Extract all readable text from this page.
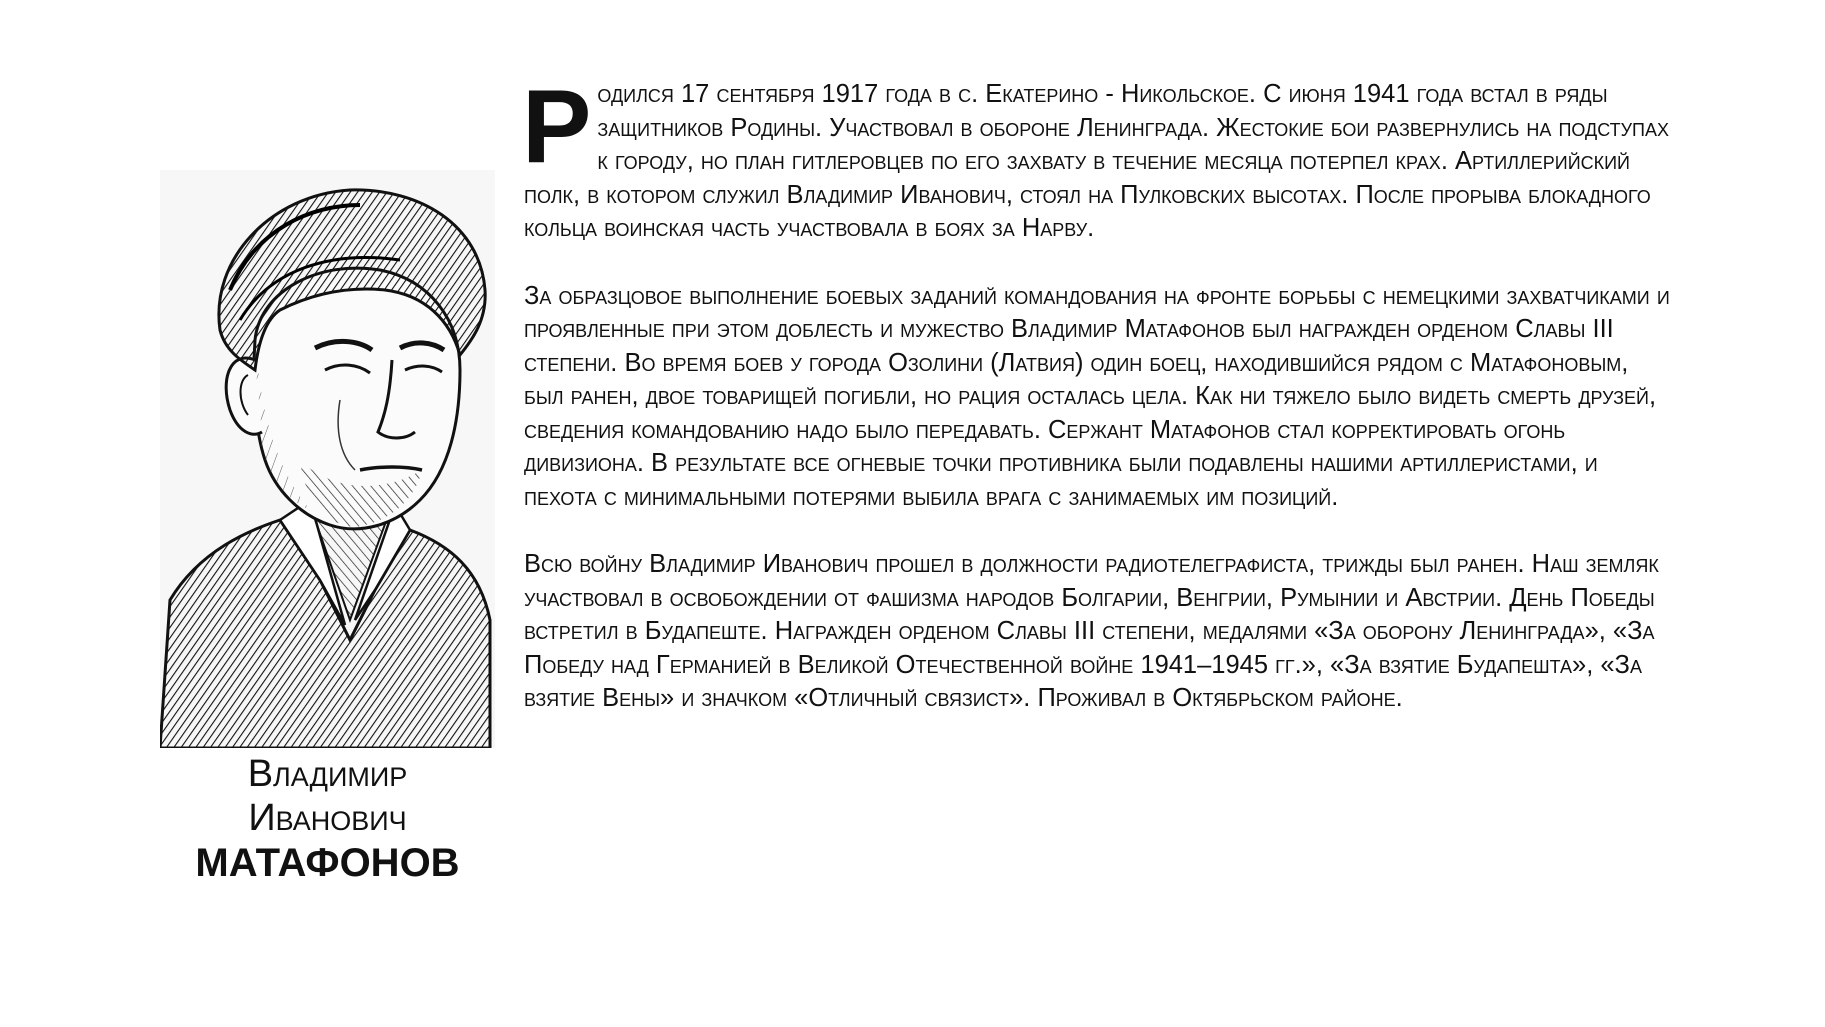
Владимир
Иванович
МАТАФОНОВ

Родился 17 сентября 1917 года в с. Екатерино - Никольское. С июня 1941 года встал в ряды защитников Родины. Участвовал в обороне Ленинграда. Жестокие бои развернулись на подступах к городу, но план гитлеровцев по его захвату в течение месяца потерпел крах. Артиллерийский полк, в котором служил Владимир Иванович, стоял на Пулковских высотах. После прорыва блокадного кольца воинская часть участвовала в боях за Нарву.

За образцовое выполнение боевых заданий командования на фронте борьбы с немецкими захватчиками и проявленные при этом доблесть и мужество Владимир Матафонов был награжден орденом Славы III степени. Во время боев у города Озолини (Латвия) один боец, находившийся рядом с Матафоновым, был ранен, двое товарищей погибли, но рация осталась цела. Как ни тяжело было видеть смерть друзей, сведения командованию надо было передавать. Сержант Матафонов стал корректировать огонь дивизиона. В результате все огневые точки противника были подавлены нашими артиллеристами, и пехота с минимальными потерями выбила врага с занимаемых им позиций.

Всю войну Владимир Иванович прошел в должности радиотелеграфиста, трижды был ранен. Наш земляк участвовал в освобождении от фашизма народов Болгарии, Венгрии, Румынии и Австрии. День Победы встретил в Будапеште. Награжден орденом Славы III степени, медалями «За оборону Ленинграда», «За Победу над Германией в Великой Отечественной войне 1941–1945 гг.», «За взятие Будапешта», «За взятие Вены» и значком «Отличный связист». Проживал в Октябрьском районе.
